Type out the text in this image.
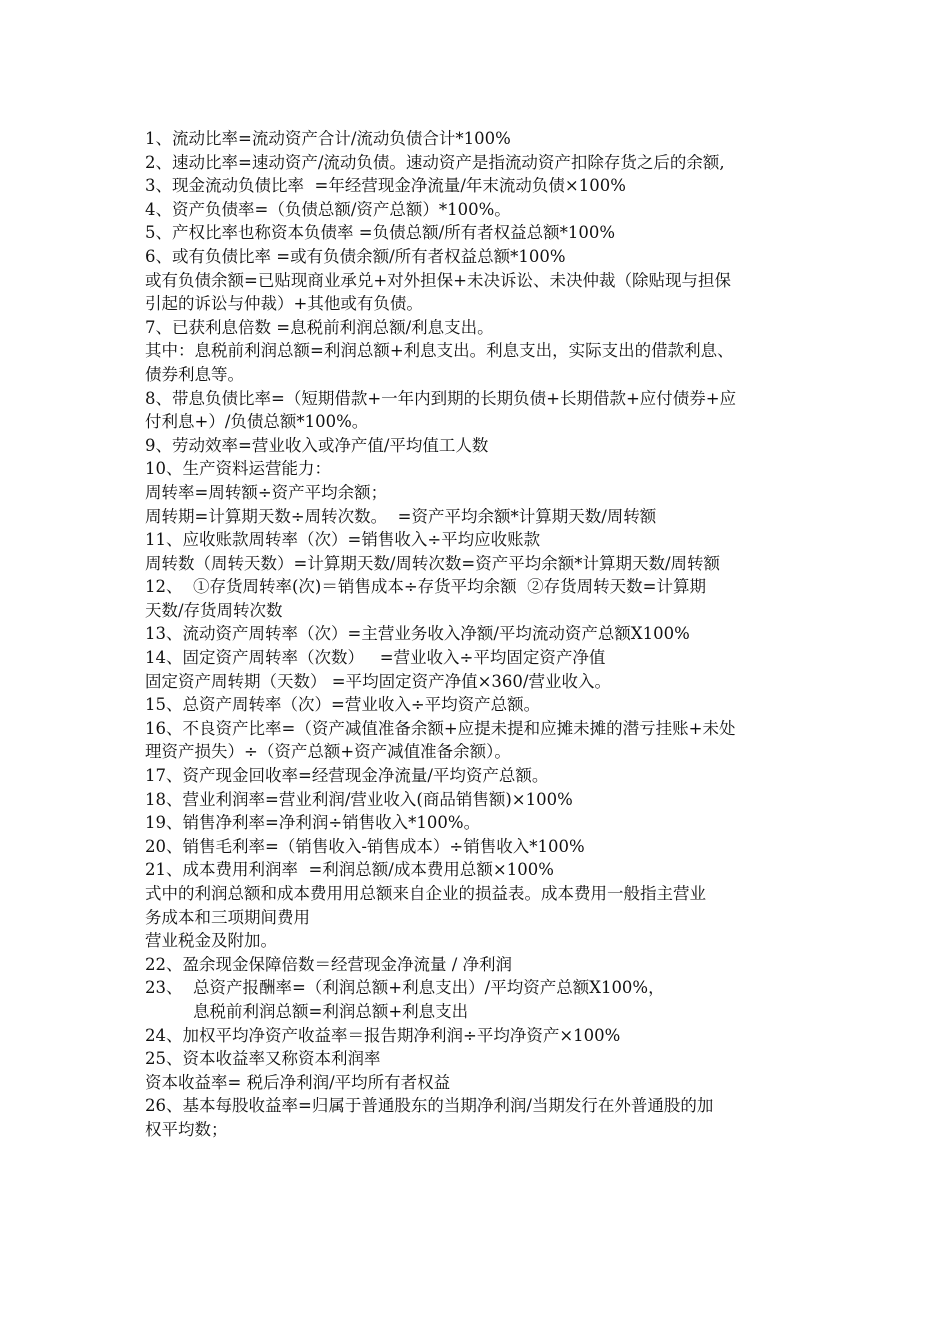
1、流动比率=流动资产合计/流动负债合计*100%

2、速动比率=速动资产/流动负债。速动资产是指流动资产扣除存货之后的余额,

3、现金流动负债比率  =年经营现金净流量/年末流动负债×100%

4、资产负债率=（负债总额/资产总额）*100%。

5、产权比率也称资本负债率 =负债总额/所有者权益总额*100%

6、或有负债比率 =或有负债余额/所有者权益总额*100%

或有负债余额=已贴现商业承兑+对外担保+未决诉讼、未决仲裁（除贴现与担保

引起的诉讼与仲裁）+其他或有负债。

7、已获利息倍数 =息税前利润总额/利息支出。

其中：息税前利润总额=利润总额+利息支出。利息支出，实际支出的借款利息、

债券利息等。

8、带息负债比率=（短期借款+一年内到期的长期负债+长期借款+应付债券+应

付利息+）/负债总额*100%。

9、劳动效率=营业收入或净产值/平均值工人数

10、生产资料运营能力：

周转率=周转额÷资产平均余额；

周转期=计算期天数÷周转次数。  =资产平均余额*计算期天数/周转额

11、应收账款周转率（次）=销售收入÷平均应收账款

周转数（周转天数）=计算期天数/周转次数=资产平均余额*计算期天数/周转额

12、  ①存货周转率(次)＝销售成本÷存货平均余额  ②存货周转天数=计算期

天数/存货周转次数

13、流动资产周转率（次）=主营业务收入净额/平均流动资产总额X100%

14、固定资产周转率（次数）   =营业收入÷平均固定资产净值

固定资产周转期（天数） =平均固定资产净值×360/营业收入。

15、总资产周转率（次）=营业收入÷平均资产总额。

16、不良资产比率=（资产减值准备余额+应提未提和应摊未摊的潜亏挂账+未处

理资产损失）÷（资产总额+资产减值准备余额）。

17、资产现金回收率=经营现金净流量/平均资产总额。

18、营业利润率=营业利润/营业收入(商品销售额)×100%

19、销售净利率=净利润÷销售收入*100%。

20、销售毛利率=（销售收入-销售成本）÷销售收入*100%

21、成本费用利润率  =利润总额/成本费用总额×100%

式中的利润总额和成本费用用总额来自企业的损益表。成本费用一般指主营业

务成本和三项期间费用

营业税金及附加。

22、盈余现金保障倍数＝经营现金净流量 / 净利润

23、  总资产报酬率=（利润总额+利息支出）/平均资产总额X100%，

息税前利润总额=利润总额+利息支出

24、加权平均净资产收益率＝报告期净利润÷平均净资产×100%

25、资本收益率又称资本利润率

资本收益率= 税后净利润/平均所有者权益

26、基本每股收益率=归属于普通股东的当期净利润/当期发行在外普通股的加

权平均数；
